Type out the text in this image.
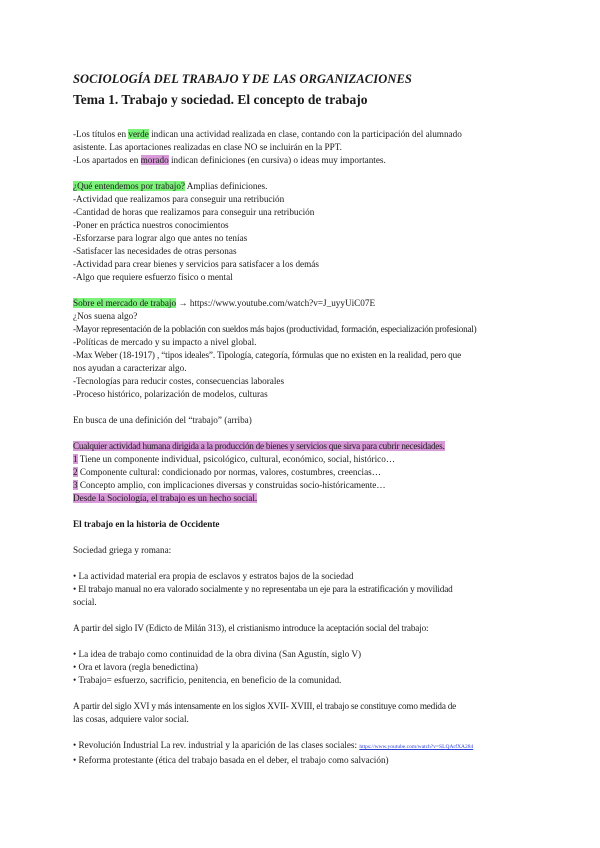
SOCIOLOGÍA DEL TRABAJO Y DE LAS ORGANIZACIONES
Tema 1. Trabajo y sociedad. El concepto de trabajo

-Los títulos en verde indican una actividad realizada en clase, contando con la participación del alumnado

asistente. Las aportaciones realizadas en clase NO se incluirán en la PPT.

-Los apartados en morado indican definiciones (en cursiva) o ideas muy importantes.

¿Qué entendemos por trabajo? Amplias definiciones.

-Actividad que realizamos para conseguir una retribución

-Cantidad de horas que realizamos para conseguir una retribución

-Poner en práctica nuestros conocimientos

-Esforzarse para lograr algo que antes no tenías

-Satisfacer las necesidades de otras personas

-Actividad para crear bienes y servicios para satisfacer a los demás

-Algo que requiere esfuerzo físico o mental

Sobre el mercado de trabajo → https://www.youtube.com/watch?v=J_uyyUiC07E

¿Nos suena algo?

-Mayor representación de la población con sueldos más bajos (productividad, formación, especialización profesional)

-Políticas de mercado y su impacto a nivel global.

-Max Weber (18-1917) , “tipos ideales”. Tipología, categoría, fórmulas que no existen en la realidad, pero que

nos ayudan a caracterizar algo.

-Tecnologías para reducir costes, consecuencias laborales

-Proceso histórico, polarización de modelos, culturas

En busca de una definición del “trabajo” (arriba)

Cualquier actividad humana dirigida a la producción de bienes y servicios que sirva para cubrir necesidades.

1 Tiene un componente individual, psicológico, cultural, económico, social, histórico…

2 Componente cultural: condicionado por normas, valores, costumbres, creencias…

3 Concepto amplio, con implicaciones diversas y construidas socio-históricamente…

Desde la Sociología, el trabajo es un hecho social.

El trabajo en la historia de Occidente

Sociedad griega y romana:

• La actividad material era propia de esclavos y estratos bajos de la sociedad

• El trabajo manual no era valorado socialmente y no representaba un eje para la estratificación y movilidad

social.

A partir del siglo IV (Edicto de Milán 313), el cristianismo introduce la aceptación social del trabajo:

• La idea de trabajo como continuidad de la obra divina (San Agustín, siglo V)

• Ora et lavora (regla benedictina)

• Trabajo= esfuerzo, sacrificio, penitencia, en beneficio de la comunidad.

A partir del siglo XVI y más intensamente en los siglos XVII- XVIII, el trabajo se constituye como medida de

las cosas, adquiere valor social.

• Revolución Industrial La rev. industrial y la aparición de las clases sociales: https://www.youtube.com/watch?v=SLQArfXA284

• Reforma protestante (ética del trabajo basada en el deber, el trabajo como salvación)
